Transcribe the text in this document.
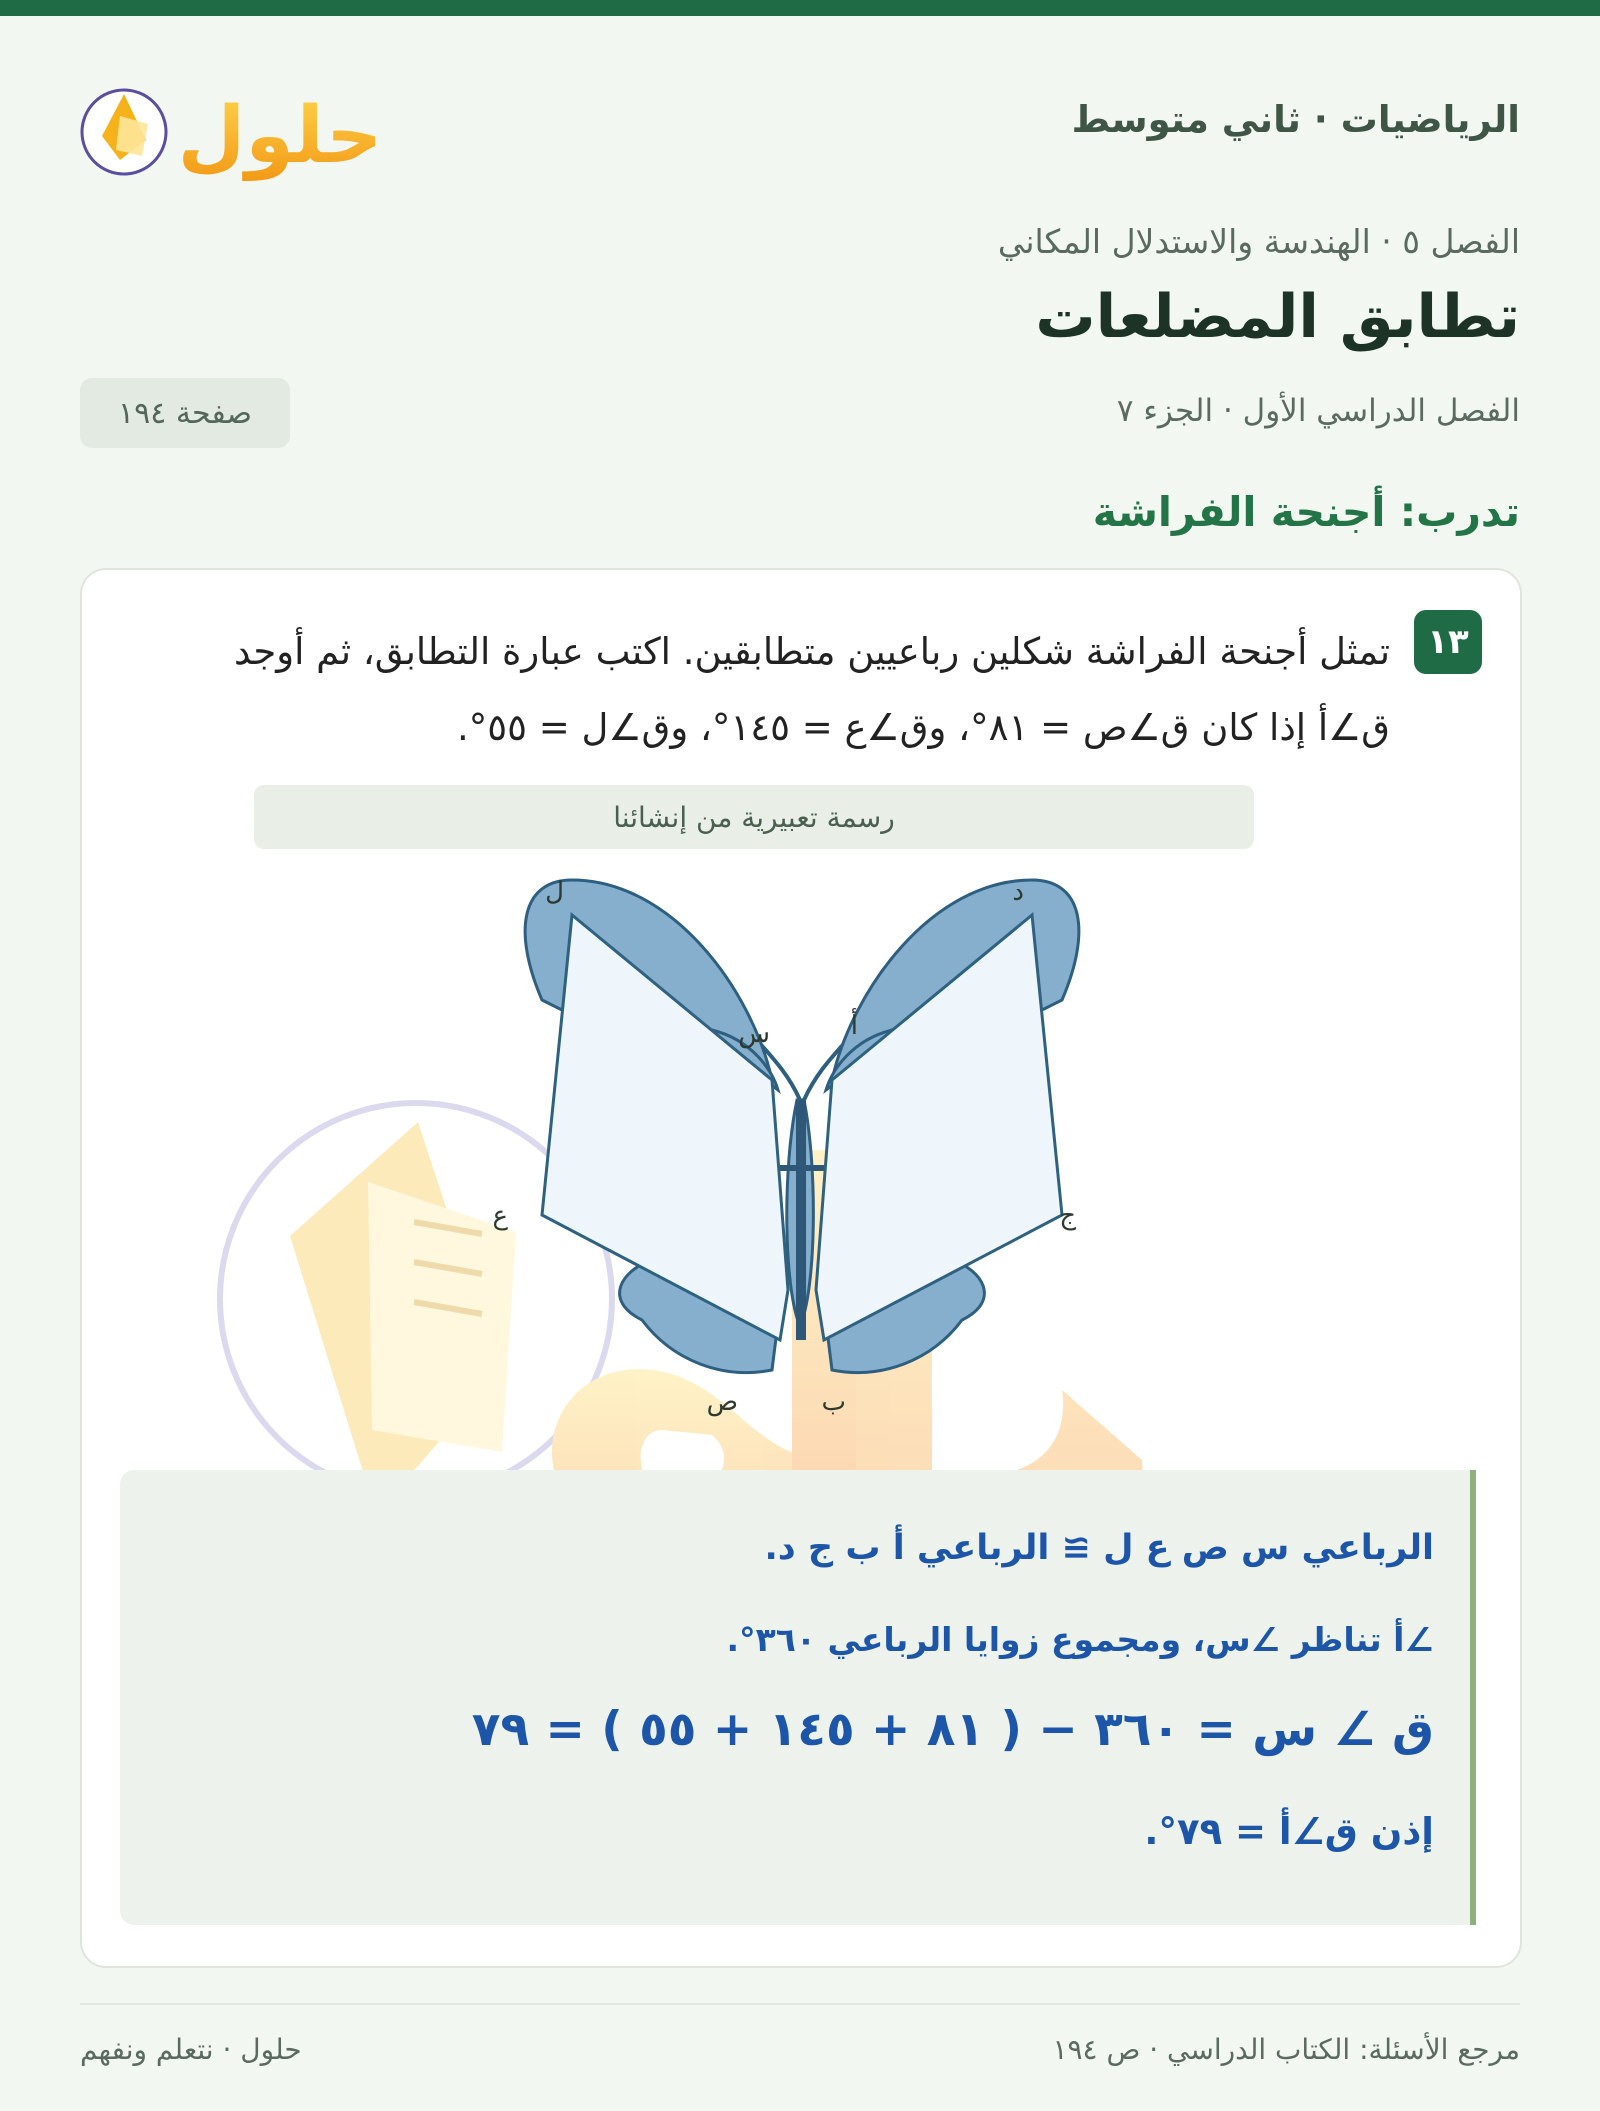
الرياضيات · ثاني متوسط
حلول
الفصل ٥ · الهندسة والاستدلال المكاني
تطابق المضلعات
الفصل الدراسي الأول · الجزء ٧
صفحة ١٩٤
تدرب: أجنحة الفراشة
١٣
تمثل أجنحة الفراشة شكلين رباعيين متطابقين. اكتب عبارة التطابق، ثم أوجد ق∠أ إذا كان ق∠ص = ٨١°، وق∠ع = ١٤٥°، وق∠ل = ٥٥°.
رسمة تعبيرية من إنشائنا
ل
س
ع
ص
د
أ
ج
ب
الرباعي س ص ع ل ≅ الرباعي أ ب ج د.
∠أ تناظر ∠س، ومجموع زوايا الرباعي ٣٦٠°.
ق ∠ س = ٣٦٠ − ( ٨١ + ١٤٥ + ٥٥ ) = ٧٩
إذن ق∠أ = ٧٩°.
مرجع الأسئلة: الكتاب الدراسي · ص ١٩٤
حلول · نتعلم ونفهم
